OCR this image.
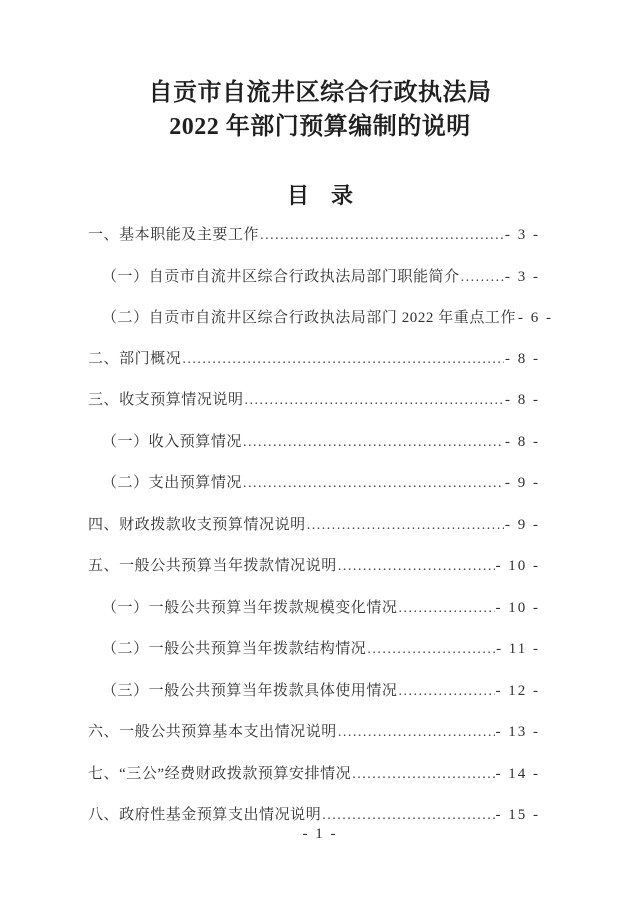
自贡市自流井区综合行政执法局
2022 年部门预算编制的说明
目　录
一、基本职能及主要工作 .....	- 3 -
（一）自贡市自流井区综合行政执法局部门职能简介 .....	- 3 -
（二）自贡市自流井区综合行政执法局部门 2022 年重点工作 - 6 -
二、部门概况 .....	- 8 -
三、收支预算情况说明 .....	- 8 -
（一）收入预算情况 .....	- 8 -
（二）支出预算情况 .....	- 9 -
四、财政拨款收支预算情况说明 .....	- 9 -
五、一般公共预算当年拨款情况说明 .....	- 10 -
（一）一般公共预算当年拨款规模变化情况 .....	- 10 -
（二）一般公共预算当年拨款结构情况 .....	- 11 -
（三）一般公共预算当年拨款具体使用情况 .....	- 12 -
六、一般公共预算基本支出情况说明 .....	- 13 -
七、“三公”经费财政拨款预算安排情况 .....	- 14 -
八、政府性基金预算支出情况说明 .....	- 15 -
- 1 -
